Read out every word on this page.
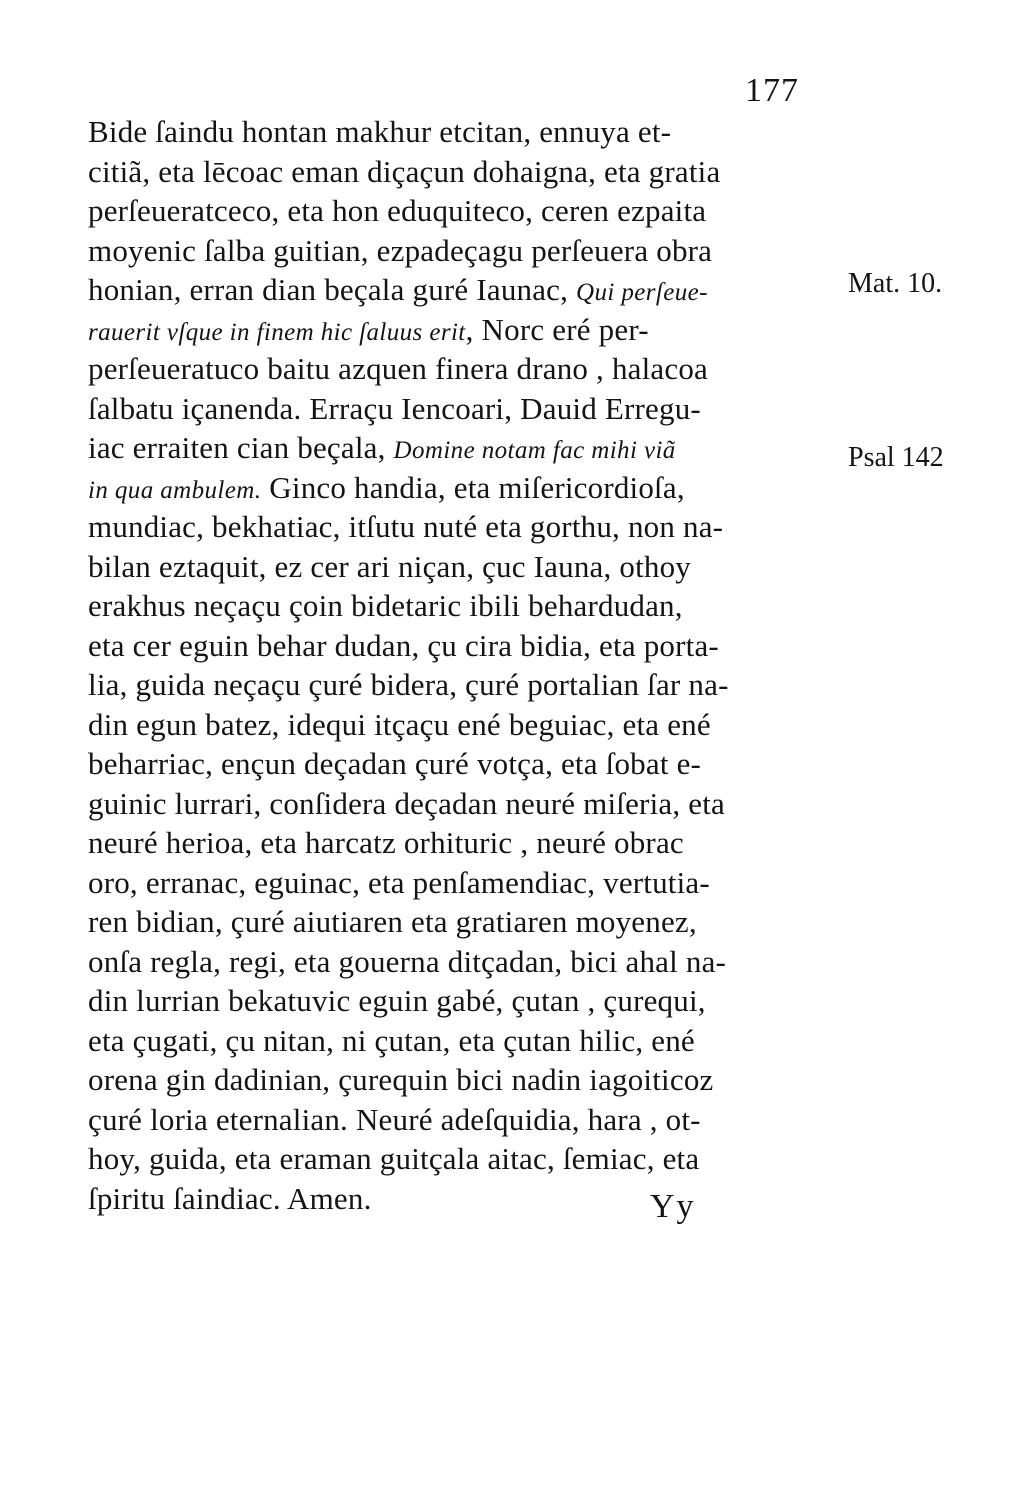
177
Bide ſaindu hontan makhur etcitan, ennuya et-
citiã, eta lēcoac eman diçaçun dohaigna, eta gratia
perſeueratceco, eta hon eduquiteco, ceren ezpaita
moyenic ſalba guitian, ezpadeçagu perſeuera obra
honian, erran dian beçala guré Iaunac, Qui perſeue-
rauerit vſque in finem hic ſaluus erit, Norc eré per-
perſeueratuco baitu azquen finera drano , halacoa
ſalbatu içanenda. Erraçu Iencoari, Dauid Erregu-
iac erraiten cian beçala, Domine notam fac mihi viã
in qua ambulem. Ginco handia, eta miſericordioſa,
mundiac, bekhatiac, itſutu nuté eta gorthu, non na-
bilan eztaquit, ez cer ari niçan, çuc Iauna, othoy
erakhus neçaçu çoin bidetaric ibili behardudan,
eta cer eguin behar dudan, çu cira bidia, eta porta-
lia, guida neçaçu çuré bidera, çuré portalian ſar na-
din egun batez, idequi itçaçu ené beguiac, eta ené
beharriac, ençun deçadan çuré votça, eta ſobat e-
guinic lurrari, conſidera deçadan neuré miſeria, eta
neuré herioa, eta harcatz orhituric , neuré obrac
oro, erranac, eguinac, eta penſamendiac, vertutia-
ren bidian, çuré aiutiaren eta gratiaren moyenez,
onſa regla, regi, eta gouerna ditçadan, bici ahal na-
din lurrian bekatuvic eguin gabé, çutan , çurequi,
eta çugati, çu nitan, ni çutan, eta çutan hilic, ené
orena gin dadinian, çurequin bici nadin iagoiticoz
çuré loria eternalian. Neuré adeſquidia, hara , ot-
hoy, guida, eta eraman guitçala aitac, ſemiac, eta
ſpiritu ſaindiac. Amen.
Mat. 10.
Psal 142
Yy
